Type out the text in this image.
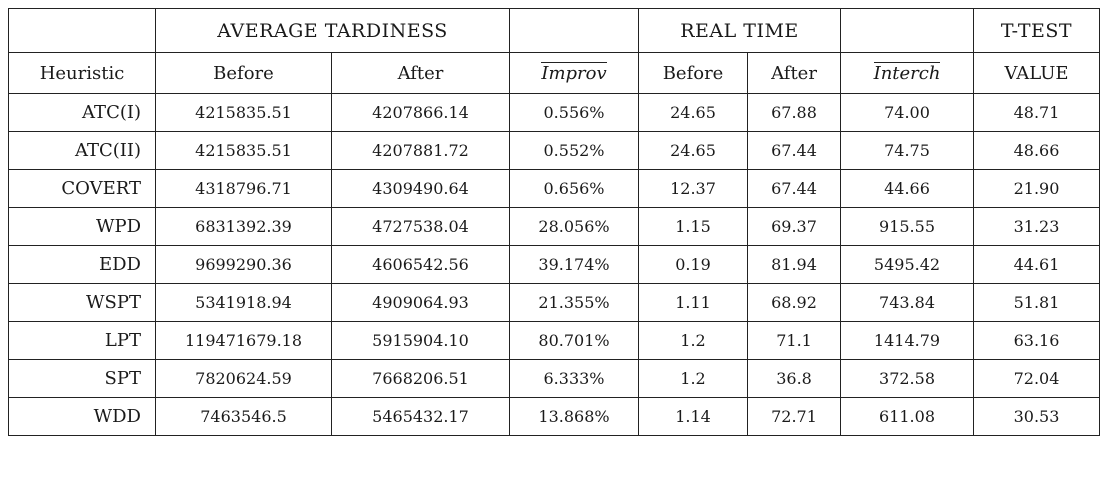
	AVERAGE TARDINESS			REAL TIME			T-TEST
Heuristic	Before	After	Improv	Before	After	Interch	VALUE
ATC(I)	4215835.51	4207866.14	0.556%	24.65	67.88	74.00	48.71
ATC(II)	4215835.51	4207881.72	0.552%	24.65	67.44	74.75	48.66
COVERT	4318796.71	4309490.64	0.656%	12.37	67.44	44.66	21.90
WPD	6831392.39	4727538.04	28.056%	1.15	69.37	915.55	31.23
EDD	9699290.36	4606542.56	39.174%	0.19	81.94	5495.42	44.61
WSPT	5341918.94	4909064.93	21.355%	1.11	68.92	743.84	51.81
LPT	119471679.18	5915904.10	80.701%	1.2	71.1	1414.79	63.16
SPT	7820624.59	7668206.51	6.333%	1.2	36.8	372.58	72.04
WDD	7463546.5	5465432.17	13.868%	1.14	72.71	611.08	30.53
